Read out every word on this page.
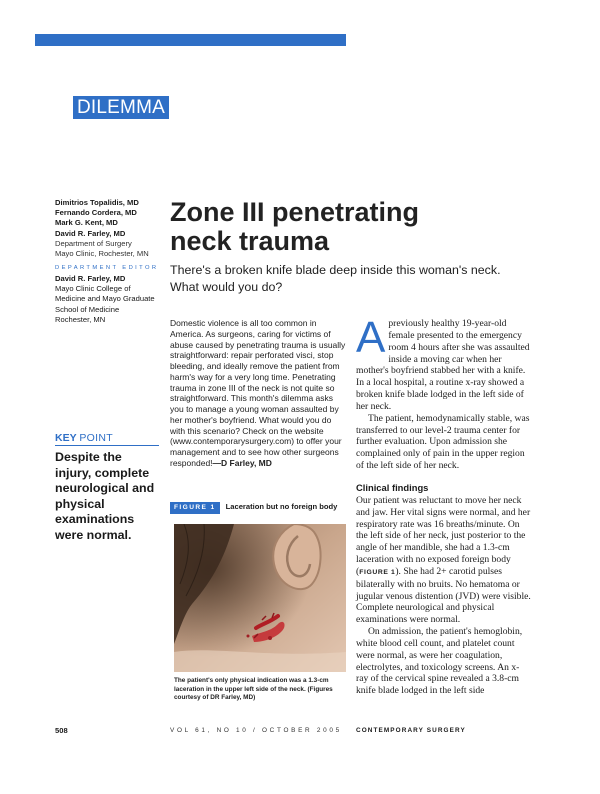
DILEMMA
Dimitrios Topalidis, MD
Fernando Cordera, MD
Mark G. Kent, MD
David R. Farley, MD
Department of Surgery
Mayo Clinic, Rochester, MN
DEPARTMENT EDITOR
David R. Farley, MD
Mayo Clinic College of
Medicine and Mayo Graduate
School of Medicine
Rochester, MN
KEY POINT
Despite the injury, complete neurological and physical examinations were normal.
Zone III penetrating
neck trauma
There's a broken knife blade deep inside this woman's neck. What would you do?
Domestic violence is all too common in America. As surgeons, caring for victims of abuse caused by penetrating trauma is usually straightforward: repair perforated visci, stop bleeding, and ideally remove the patient from harm's way for a very long time. Penetrating trauma in zone III of the neck is not quite so straightforward. This month's dilemma asks you to manage a young woman assaulted by her mother's boyfriend. What would you do with this scenario? Check on the website (www.contemporarysurgery.com) to offer your management and to see how other surgeons responded!—D Farley, MD
FIGURE 1 Laceration but no foreign body
The patient's only physical indication was a 1.3-cm laceration in the upper left side of the neck. (Figures courtesy of DR Farley, MD)

Apreviously healthy 19-year-old female presented to the emergency room 4 hours after she was assaulted inside a moving car when her mother's boyfriend stabbed her with a knife. In a local hospital, a routine x-ray showed a broken knife blade lodged in the left side of her neck.

The patient, hemodynamically stable, was transferred to our level-2 trauma center for further evaluation. Upon admission she complained only of pain in the upper region of the left side of her neck.

Clinical findings

Our patient was reluctant to move her neck and jaw. Her vital signs were normal, and her respiratory rate was 16 breaths/minute. On the left side of her neck, just posterior to the angle of her mandible, she had a 1.3-cm laceration with no exposed foreign body (FIGURE 1). She had 2+ carotid pulses bilaterally with no bruits. No hematoma or jugular venous distention (JVD) were visible. Complete neurological and physical examinations were normal.

On admission, the patient's hemoglobin, white blood cell count, and platelet count were normal, as were her coagulation, electrolytes, and toxicology screens. An x-ray of the cervical spine revealed a 3.8-cm knife blade lodged in the left side

508	VOL 61, NO 10 / OCTOBER 2005 CONTEMPORARY SURGERY
